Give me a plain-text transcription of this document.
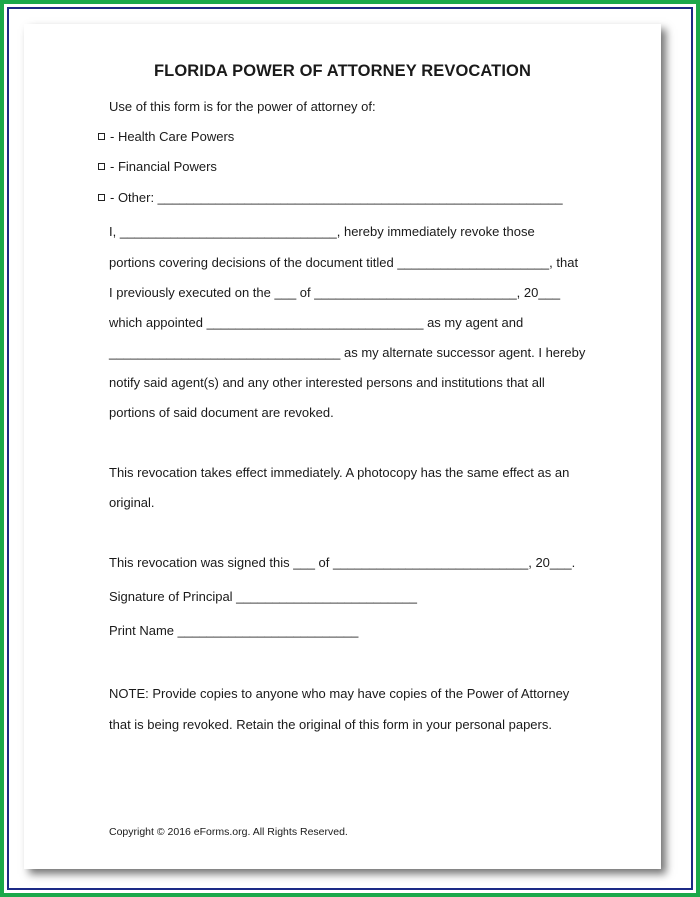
FLORIDA POWER OF ATTORNEY REVOCATION
Use of this form is for the power of attorney of:
- Health Care Powers
- Financial Powers
- Other: ________________________________________________________
I, ______________________________, hereby immediately revoke those
portions covering decisions of the document titled _____________________, that
I previously executed on the ___ of ____________________________, 20___
which appointed ______________________________ as my agent and
________________________________ as my alternate successor agent. I hereby
notify said agent(s) and any other interested persons and institutions that all
portions of said document are revoked.
This revocation takes effect immediately. A photocopy has the same effect as an
original.
This revocation was signed this ___ of ___________________________, 20___.
Signature of Principal _________________________
Print Name _________________________
NOTE: Provide copies to anyone who may have copies of the Power of Attorney
that is being revoked. Retain the original of this form in your personal papers.
Copyright © 2016 eForms.org. All Rights Reserved.
